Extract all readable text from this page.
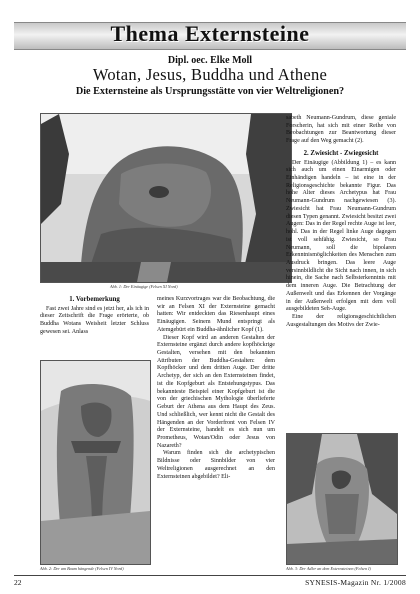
Thema Externsteine
Dipl. oec. Elke Moll
Wotan, Jesus, Buddha und Athene
Die Externsteine als Ursprungsstätte von vier Weltreligionen?
Abb. 1: Der Einäugige (Felsen XI Nord)
1. Vorbemerkung

Fast zwei Jahre sind es jetzt her, als ich in dieser Zeitschrift die Frage erörterte, ob Buddha Wotans Weisheit letzter Schluss gewesen sei. Anlass

Abb. 2: Der am Baum hängende (Felsen IV Nord)

meines Kurzvortrages war die Beobachtung, die wir an Felsen XI der Externsteine gemacht hatten: Wir entdeckten das Riesenhaupt eines Einäugigen. Seinem Mund entspringt als Atemgebürt ein Buddha-ähnlicher Kopf (1).

Dieser Kopf wird an anderen Gestalten der Externsteine ergänzt durch andere kopfhöckrige Gestalten, versehen mit den bekannten Attributen der Buddha-Gestalten: dem Kopfhöcker und dem dritten Auge. Der dritte Archetyp, der sich an den Externsteinen findet, ist die Kopfgeburt als Entstehungstypus. Das bekannteste Beispiel einer Kopfgeburt ist die von der griechischen Mythologie überlieferte Geburt der Athena aus dem Haupt des Zeus. Und schließlich, wer kennt nicht die Gestalt des Hängenden an der Vorderfront von Felsen IV der Externsteine, handelt es sich nun um Prometheus, Wotan/Odin oder Jesus von Nazareth?

Warum finden sich die archetypischen Bildnisse oder Sinnbilder von vier Weltreligionen ausgerechnet an den Externsteinen abgebildet? Eli-

sabeth Neumann-Gundrum, diese geniale Forscherin, hat sich mit einer Reihe von Beobachtungen zur Beantwortung dieser Frage auf den Weg gemacht (2).

2. Zwiesicht - Zwiegesicht

Der Einäugige (Abbildung 1) – es kann sich auch um einen Einarmigen oder Einhändigen handeln – ist eine in der Religionsgeschichte bekannte Figur. Das hohe Alter dieses Archetypus hat Frau Neumann-Gundrum nachgewiesen (3). Zwiesicht hat Frau Neumann-Gundrum diesen Typen genannt. Zwiesicht besitzt zwei Augen: Das in der Regel rechte Auge ist leer, hohl. Das in der Regel linke Auge dagegen ist voll sehfähig. Zwiesicht, so Frau Neumann, soll die bipolaren Erkenntnismöglichkeiten des Menschen zum Ausdruck bringen. Das leere Auge versinnbildlicht die Sicht nach innen, in sich hinein, die Sache nach Selbsterkenntnis mit dem inneren Auge. Die Betrachtung der Außenwelt und das Erkennen der Vorgänge in der Außenwelt erfolgen mit dem voll ausgebildeten Seh-Auge.

Eine der religionsgeschichtlichen Ausgestaltungen des Motivs der Zwie-

Abb. 3: Der Adler an dem Externsteinen (Felsen I)
22	SYNESIS-Magazin Nr. 1/2008
